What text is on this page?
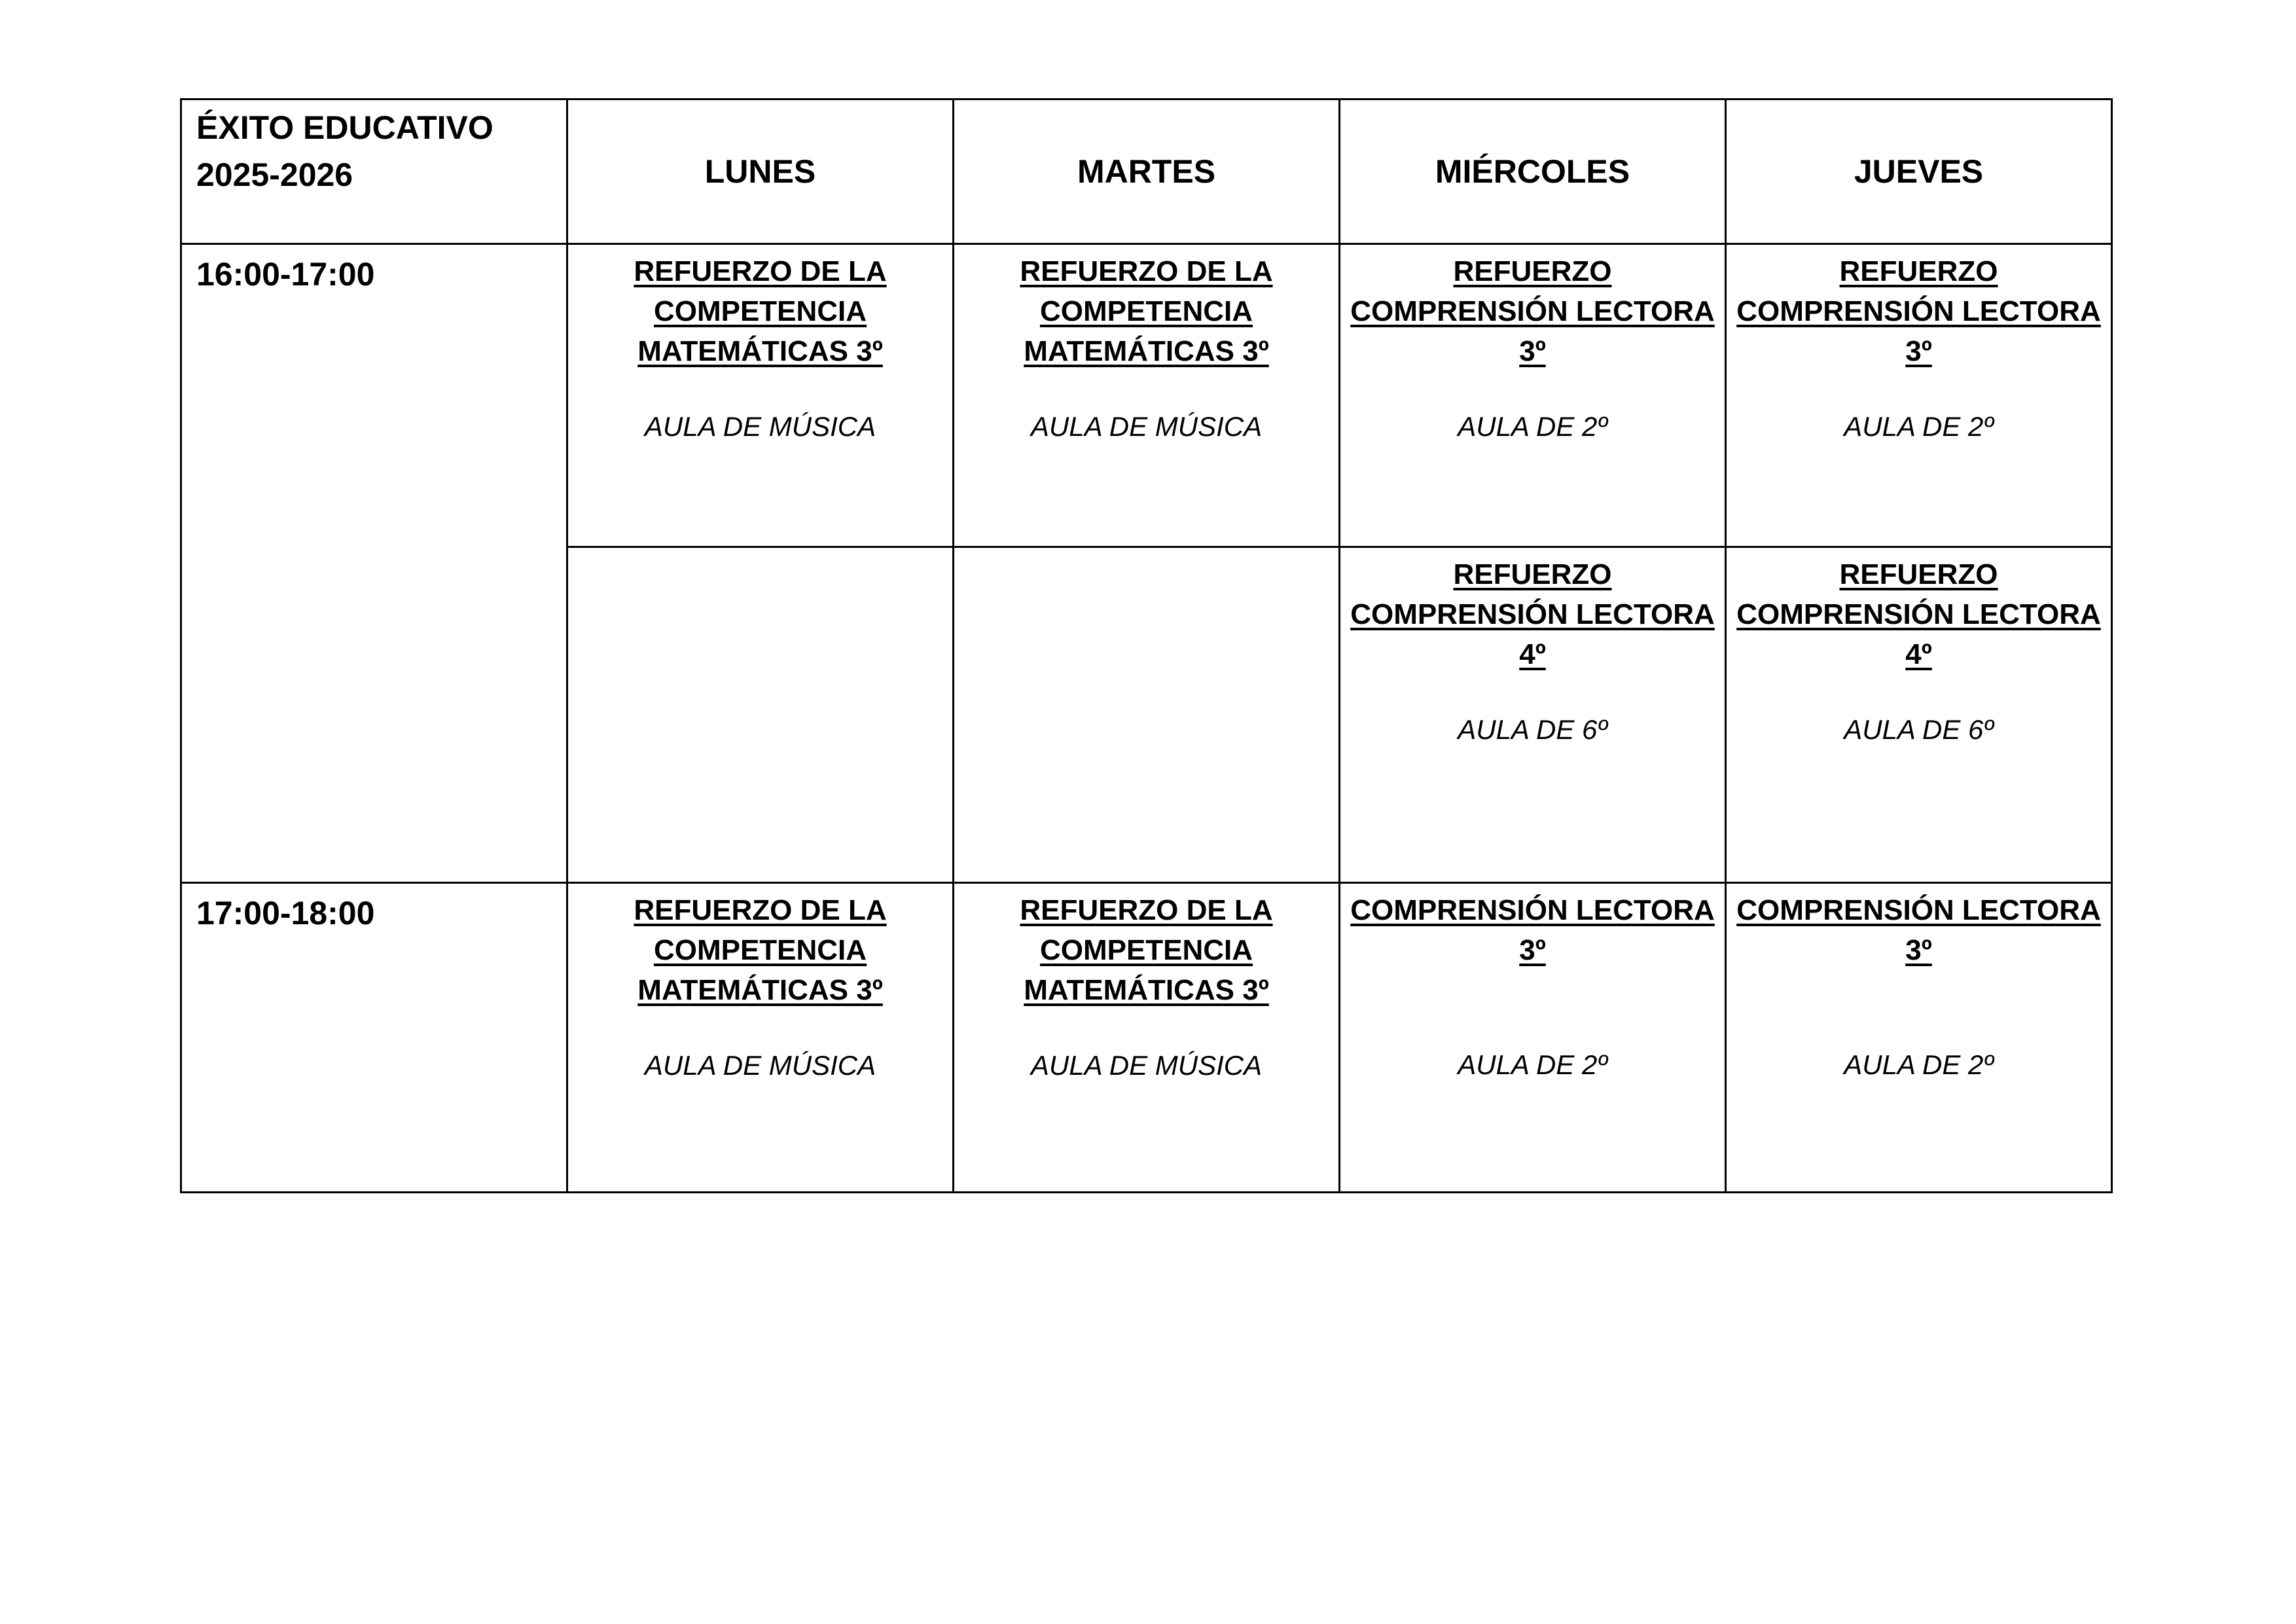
ÉXITO EDUCATIVO
2025-2026	LUNES	MARTES	MIÉRCOLES	JUEVES
16:00-17:00	REFUERZO DE LA
COMPETENCIA
MATEMÁTICAS 3º
AULA DE MÚSICA	REFUERZO DE LA
COMPETENCIA
MATEMÁTICAS 3º
AULA DE MÚSICA	REFUERZO
COMPRENSIÓN LECTORA
3º
AULA DE 2º	REFUERZO
COMPRENSIÓN LECTORA
3º
AULA DE 2º

			REFUERZO
COMPRENSIÓN LECTORA
4º
AULA DE 6º	REFUERZO
COMPRENSIÓN LECTORA
4º
AULA DE 6º

17:00-18:00	REFUERZO DE LA
COMPETENCIA
MATEMÁTICAS 3º
AULA DE MÚSICA	REFUERZO DE LA
COMPETENCIA
MATEMÁTICAS 3º
AULA DE MÚSICA	COMPRENSIÓN LECTORA
3º
AULA DE 2º	COMPRENSIÓN LECTORA
3º
AULA DE 2º
